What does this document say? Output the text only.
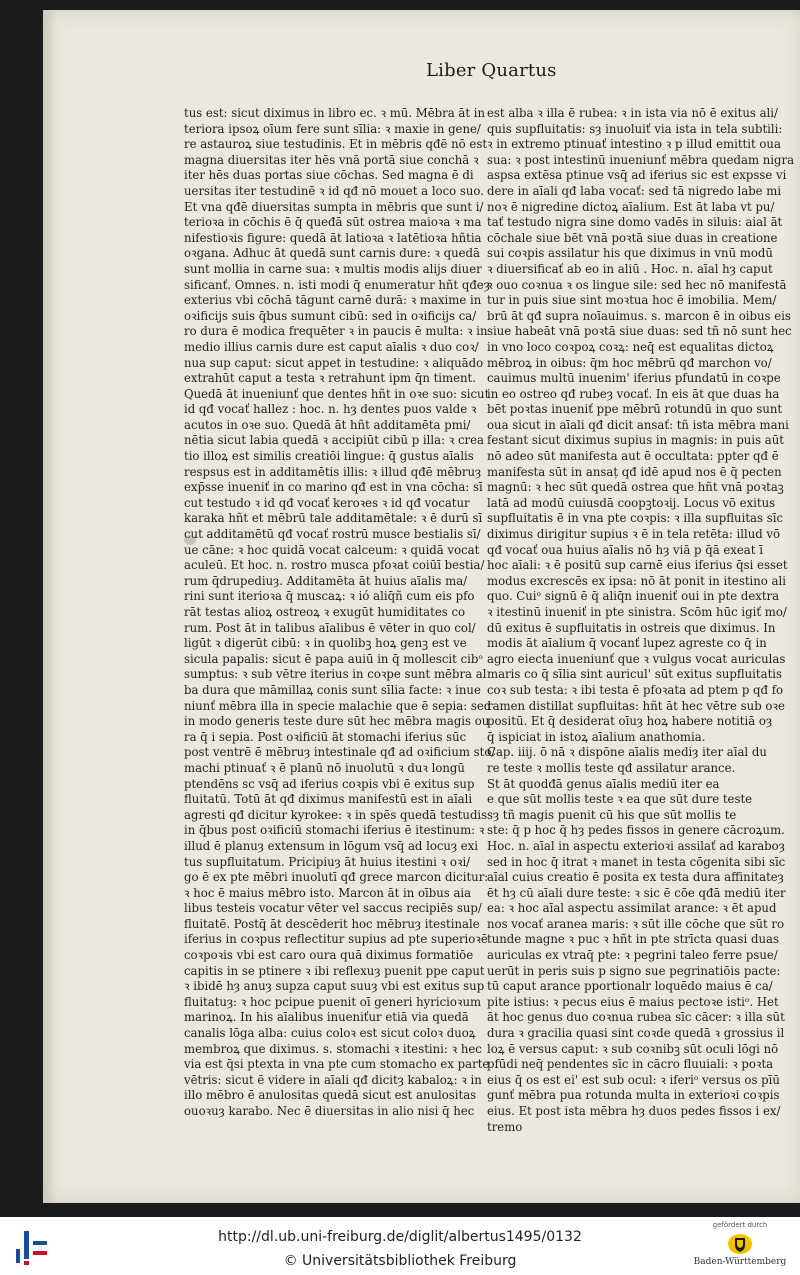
Liber Quartus
tus est: sicut diximus in libro ec. ꝛ mū. Mēbra āt in
teriora ipsoꝝ oīum fere sunt sīlia: ꝛ maxie in gene/
re astauroꝝ siue testudinis. Et in mēbris qđē nō est
magna diuersitas iter hēs vnā portā siue conchā ꝛ
iter hēs duas portas siue cōchas. Sed magna ē di
uersitas iter testudinē ꝛ id qđ nō mouet a loco suo.
Et vna qđē diuersitas sumpta in mēbris que sunt i/
terioꝛa in cōchis ē q̄ queđā sūt ostrea maioꝛa ꝛ ma
nifestioꝛis figure: quedā āt latioꝛa ꝛ latētioꝛa hñtia
oꝛgana. Adhuc āt quedā sunt carnis dure: ꝛ quedā
sunt mollia in carne sua: ꝛ multis modis alijs diuer
sificanť. Omnes. n. isti modi q̄ enumeratur hñt qđeȝ
exterius vbi cōchā tāgunt carnē durā: ꝛ maxime in
oꝛificijs suis q̄bus sumunt cibū: sed in oꝛificijs ca/
ro dura ē modica frequēter ꝛ in paucis ē multa: ꝛ in
medio illius carnis dure est caput aīalis ꝛ duo coꝛ/
nua sup caput: sicut appet in testudine: ꝛ aliquādo
extrahūt caput a testa ꝛ retrahunt ipm q̄n timent.
Quedā āt inueniunť que dentes hñt in oꝛe suo: sicut
id qđ vocať hallez : hoc. n. hȝ dentes puos valde ꝛ
acutos in oꝛe suo. Quedā āt hñt additamēta pmi/
nētia sicut labia quedā ꝛ accipiūt cibū p illa: ꝛ crea
tio illoꝝ est similis creatiōi lingue: q̄ gustus aīalis
respsus est in additamētis illis: ꝛ illud qđē mēbruȝ
exp̄sse inueniť in co marino qđ est in vna cōcha: sī
cut testudo ꝛ id qđ vocať keroꝛes ꝛ id qđ vocatur
karaka hñt et mēbrū tale additamētale: ꝛ ē durū sī
cut additamētū qđ vocať rostrū musce bestialis sī/
ue cāne: ꝛ hoc quidā vocat calceum: ꝛ quidā vocat
aculeū. Et hoc. n. rostro musca pfoꝛat coiūī bestia/
rum q̄drupediuȝ. Additamēta āt huius aīalis ma/
rini sunt iterioꝛa q̄ muscaꝝ: ꝛ ió aliq̄ñ cum eis pfo
rāt testas alioꝝ ostreoꝝ ꝛ exugūt humiditates co
rum. Post āt in talibus aīalibus ē vēter in quo col/
ligūt ꝛ digerūt cibū: ꝛ in quolibꝫ hoꝝ genꝫ est ve
sicula papalis: sicut ē papa auiū in q̄ mollescit cibᵒ
sumptus: ꝛ sub vētre iterius in coꝛpe sunt mēbra al
ba dura que māmillaꝝ conis sunt sīlia facte: ꝛ inue
niunť mēbra illa in specie malachie que ē sepia: sed
in modo generis teste dure sūt hec mēbra magis ou
ra q̄ i sepia. Post oꝛificiū āt stomachi iferius sūc
post ventrē ē mēbruȝ intestinale qđ ad oꝛificium sto/
machi ptinuať ꝛ ē planū nō inuolutū ꝛ duꝛ longū
ptendēns sc vsq̄ ad iferius coꝛpis vbi ē exitus sup
fluitatū. Totū āt qđ diximus manifestū est in aīali
agresti qđ dicitur kyrokee: ꝛ in spēs quedā testudis
in q̄bus post oꝛificiū stomachi iferius ē itestinum: ꝛ
illud ē planuȝ extensum in lōgum vsq̄ ad locuȝ exi
tus supfluitatum. Pricipiuȝ āt huius itestini ꝛ oꝛi/
go ē ex pte mēbri inuolutī qđ grece marcon dicitur:
ꝛ hoc ē maius mēbro isto. Marcon āt in oībus aia
libus testeis vocatur vēter vel saccus recipiēs sup/
fluitatē. Postq̄ āt descēderit hoc mēbruȝ itestinale
iferius in coꝛpus reflectitur supius ad pte superioꝛē
coꝛpoꝛis vbi est caro oura quā diximus formatiōe
capitis in se ptinere ꝛ ibi reflexuȝ puenit ppe caput
ꝛ ibidē hȝ anuȝ supza caput suuȝ vbi est exitus sup
fluitatuȝ: ꝛ hoc pcipue puenit oī generi hyricioꝛum
marinoꝝ. In his aīalibus inueniťur etiā via quedā
canalis lōga alba: cuius coloꝛ est sicut coloꝛ duoꝝ
membroꝝ que diximus. s. stomachi ꝛ itestini: ꝛ hec
via est q̄si ptexta in vna pte cum stomacho ex parte
vētris: sicut ē videre in aīali qđ dicitȝ kabaloꝝ: ꝛ in
illo mēbro ē anulositas quedā sicut est anulositas
ouoꝛuȝ karabo. Nec ē diuersitas in alio nisi q̄ hec
est alba ꝛ illa ē rubea: ꝛ in ista via nō ē exitus ali/
quis supfluitatis: sȝ inuoluiť via ista in tela subtili:
ꝛ in extremo ptinuať intestino ꝛ p illud emittit oua
sua: ꝛ post intestinū inueniunť mēbra quedam nigra
aspsa extēsa ptinue vsq̄ ad iferius sic est expsse vi
dere in aīali qđ laba vocať: sed tā nigredo labe mi
noꝛ ē nigredine dictoꝝ aīalium. Est āt laba vt pu/
tať testudo nigra sine domo vadēs in siluis: aial āt
cōchale siue bēt vnā poꝛtā siue duas in creatione
sui coꝛpis assilatur his que diximus in vnū modū
ꝛ diuersificať ab eo in aliū . Hoc. n. aīal hȝ caput
ꝛ ouo coꝛnua ꝛ os lingue sile: sed hec nō manifestā
tur in puis siue sint moꝛtua hoc ē imobilia. Mem/
brū āt qđ supra noīauimus. s. marcon ē in oibus eis
siue habeāt vnā poꝛtā siue duas: sed tñ nō sunt hec
in vno loco coꝛpoꝝ coꝛꝝ: neq̄ est equalitas dictoꝝ
mēbroꝝ in oibus: q̄m hoc mēbrū qđ marchon vo/
cauimus multū inuenim' iferius pfundatū in coꝛpe
in eo ostreo qđ rubeȝ vocať. In eis āt que duas ha
bēt poꝛtas inueniť ppe mēbrū rotundū in quo sunt
oua sicut in aīali qđ dicit ansať: tñ ista mēbra mani
festant sicut diximus supius in magnis: in puis aūt
nō adeo sūt manifesta aut ē occultata: ppter qđ ē
manifesta sūt in ansaț qđ idē apud nos ē q̄ pecten
magnū: ꝛ hec sūt quedā ostrea que hñt vnā poꝛtaꝫ
latā ad modū cuiusdā coopꝫtoꝛij. Locus vō exitus
supfluitatis ē in vna pte coꝛpis: ꝛ illa supfluitas sīc
diximus dirigitur supius ꝛ ē in tela retēta: illud vō
qđ vocať oua huius aīalis nō hȝ viā p q̄ā exeat ī
hoc aīali: ꝛ ē positū sup carnē eius iferius q̄si esset
modus excrescēs ex ipsa: nō āt ponit in itestino ali
quo. Cuiᵒ signū ē q̄ aliq̄n inueniť oui in pte dextra
ꝛ itestinū inueniť in pte sinistra. Scōm hūc igiť mo/
dū exitus ē supfluitatis in ostreis que diximus. In
modis āt aīalium q̄ vocanť lupez agreste co q̄ in
agro eiecta inueniunť que ꝛ vulgus vocat auriculas
maris co q̄ sīlia sint auricul' sūt exitus supfluitatis
coꝛ sub testa: ꝛ ibi testa ē pfoꝛata ad ptem p qđ fo
ramen distillat supfluitas: hñt āt hec vētre sub oꝛe
positū. Et q̄ desiderat oīuȝ hoꝝ habere notitiā oȝ
q̄ ispiciat in istoꝝ aīalium anathomia.
Cap. iiij. ō nā ꝛ dispōne aīalis mediȝ iter aīal du
re teste ꝛ mollis teste qđ assilatur arance.
St āt quodđā genus aīalis mediū iter ea
e que sūt mollis teste ꝛ ea que sūt dure teste
sȝ tñ magis puenit cū his que sūt mollis te
ste: q̄ p hoc q̄ hȝ pedes fissos in genere cācroꝝum.
Hoc. n. aīal in aspectu exterioꝛi assilať ad karaboȝ
sed in hoc q̄ itrat ꝛ manet in testa cōgenita sibi sīc
aīal cuius creatio ē posita ex testa dura affinitateȝ
ēt hȝ cū aīali dure teste: ꝛ sic ē cōe qđā mediū iter
ea: ꝛ hoc aīal aspectu assimilat arance: ꝛ ēt apud
nos vocať aranea maris: ꝛ sūt ille cōche que sūt ro
tunde magne ꝛ puc ꝛ hñt in pte strīcta quasi duas
auriculas ex vtraq̄ pte: ꝛ pegrini taleo ferre psue/
uerūt in peris suis p signo sue pegrinatiōis pacte:
tū caput arance pportionalr loquēdo maius ē ca/
pite istius: ꝛ pecus eius ē maius pectoꝛe istiᵒ. Het
āt hoc genus duo coꝛnua rubea sīc cācer: ꝛ illa sūt
dura ꝛ gracilia quasi sint coꝛde quedā ꝛ grossius il
loꝝ ē versus caput: ꝛ sub coꝛnibꝫ sūt oculi lōgi nō
pfūdi neq̄ pendentes sīc in cācro fluuiali: ꝛ poꝛta
eius q̄ os est ei' est sub ocul: ꝛ iferiᵒ versus os pīū
gunť mēbra pua rotunda multa in exterioꝛi coꝛpis
eius. Et post ista mēbra hȝ duos pedes fissos i ex/
tremo
http://dl.ub.uni-freiburg.de/diglit/albertus1495/0132
© Universitätsbibliothek Freiburg
gefördert durch
Baden-Württemberg
